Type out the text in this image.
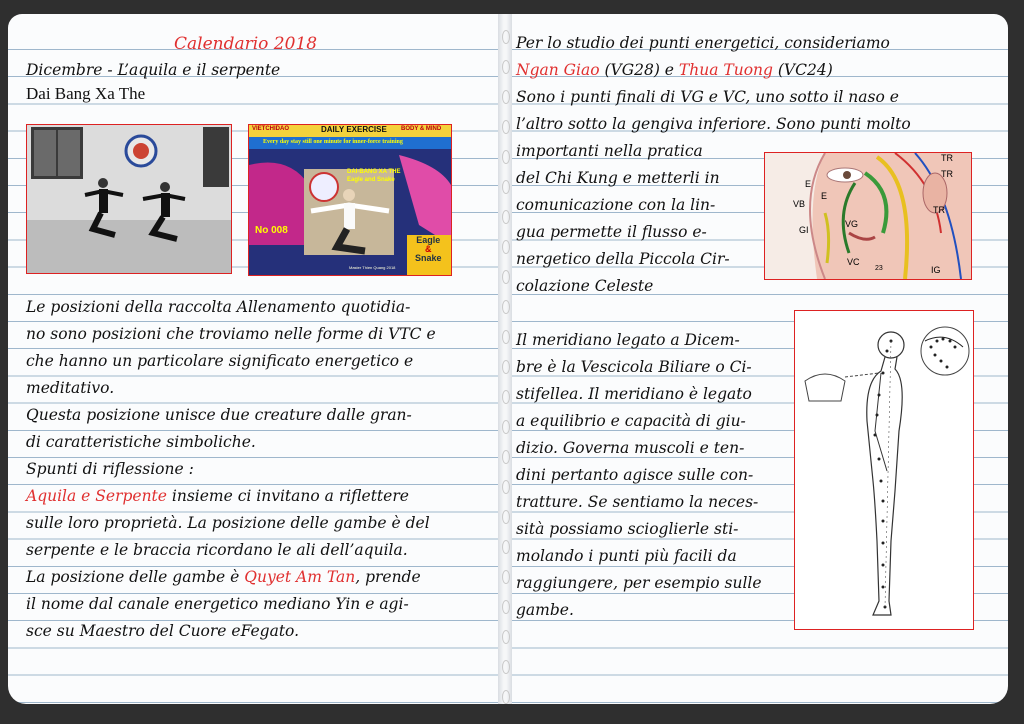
Calendario 2018
Dicembre - L’aquila e il serpente
Dai Bang Xa The
VIETCHIDAO	DAILY EXERCISE BODY & MIND
Every day stay still one minute for inner-force training
DAI-BANG XA THE
Eagle and Snake
No 008
Eagle
&
Snake
Master Thien Quang 2018
Le posizioni della raccolta Allenamento quotidia-
no sono posizioni che troviamo nelle forme di VTC e
che hanno un particolare significato energetico e
meditativo.
Questa posizione unisce due creature dalle gran-
di caratteristiche simboliche.
Spunti di riflessione :
Aquila e Serpente insieme ci invitano a riflettere
sulle loro proprietà. La posizione delle gambe è del
serpente e le braccia ricordano le ali dell’aquila.
La posizione delle gambe è Quyet Am Tan, prende
il nome dal canale energetico mediano Yin e agi-
sce su Maestro del Cuore eFegato.
Per lo studio dei punti energetici, consideriamo
Ngan Giao (VG28) e Thua Tuong (VC24)
Sono i punti finali di VG e VC, uno sotto il naso e
l’altro sotto la gengiva inferiore. Sono punti molto
importanti nella pratica
del Chi Kung e metterli in
comunicazione con la lin-
gua permette il flusso e-
nergetico della Piccola Cir-
colazione Celeste
TR
TR
E
E
VB
GI
VG
VC
IG
TR
23
Il meridiano legato a Dicem-
bre è la Vescicola Biliare o Ci-
stifellea. Il meridiano è legato
a equilibrio e capacità di giu-
dizio. Governa muscoli e ten-
dini pertanto agisce sulle con-
tratture. Se sentiamo la neces-
sità possiamo scioglierle sti-
molando i punti più facili da
raggiungere, per esempio sulle
gambe.
